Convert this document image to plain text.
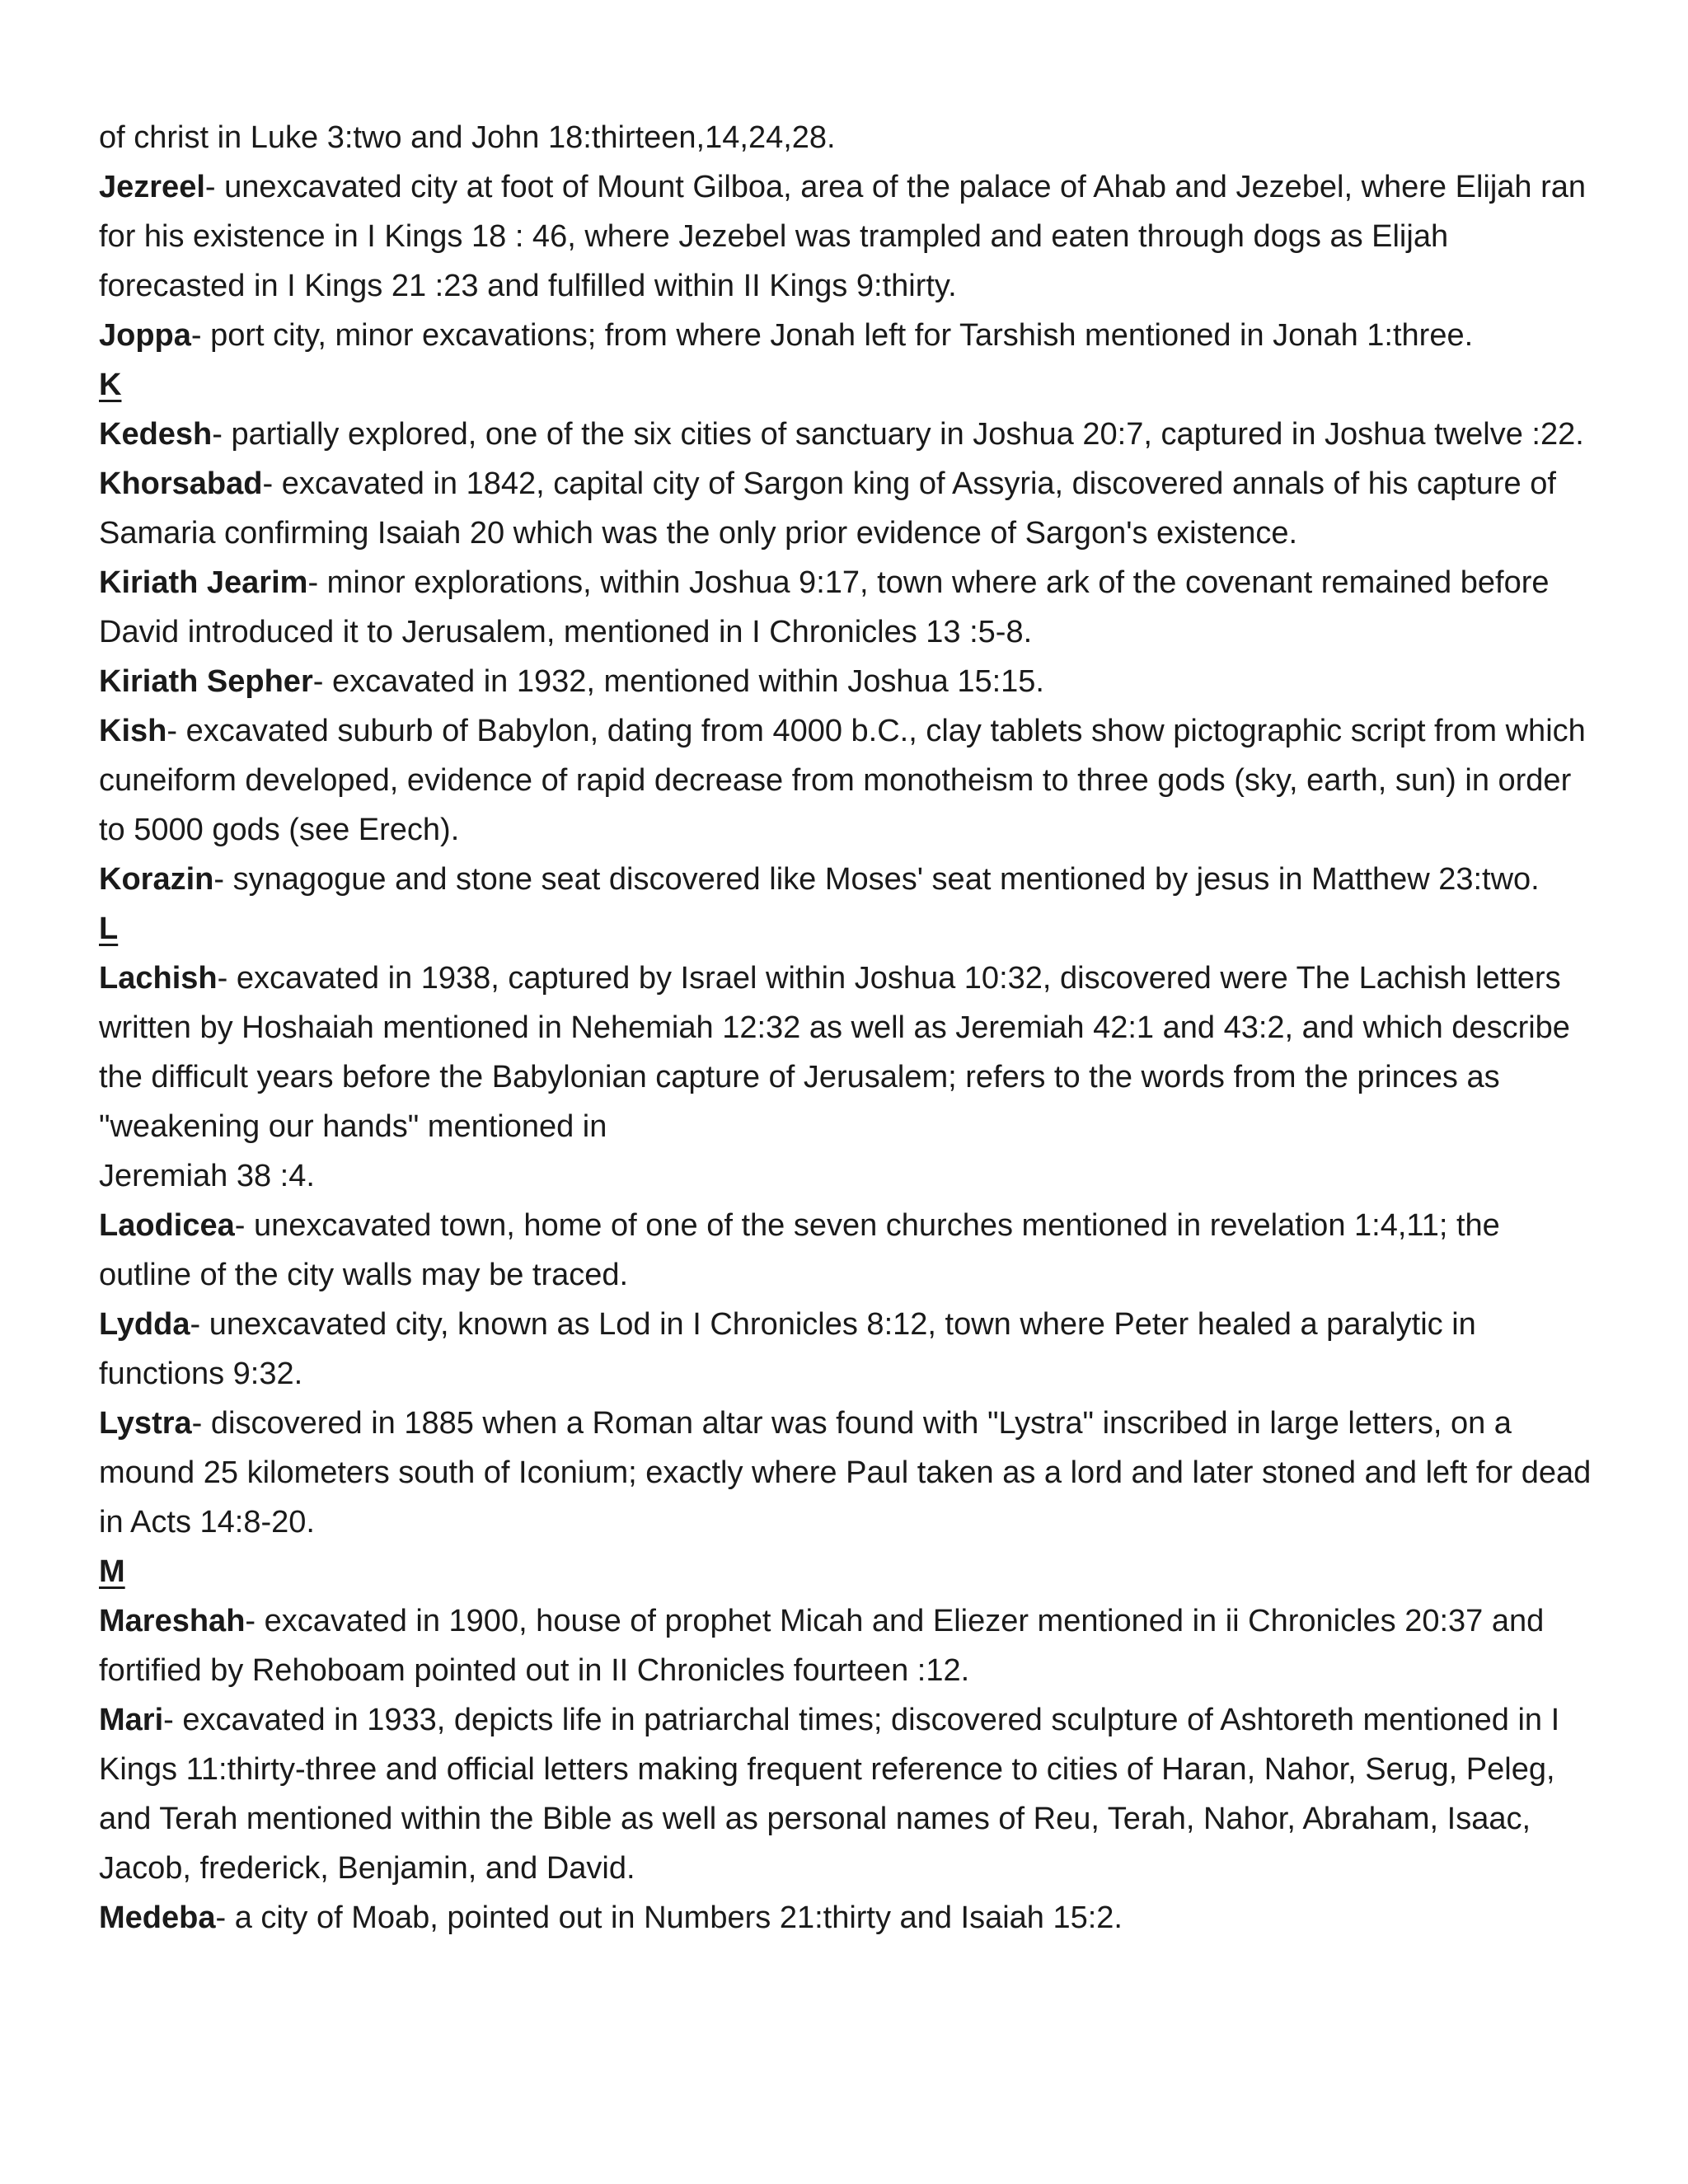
of christ in Luke 3:two and John 18:thirteen,14,24,28.

Jezreel- unexcavated city at foot of Mount Gilboa, area of the palace of Ahab and Jezebel, where Elijah ran for his existence in I Kings 18 : 46, where Jezebel was trampled and eaten through dogs as Elijah forecasted in I Kings 21 :23 and fulfilled within II Kings 9:thirty.

Joppa- port city, minor excavations; from where Jonah left for Tarshish mentioned in Jonah 1:three.

K

Kedesh- partially explored, one of the six cities of sanctuary in Joshua 20:7, captured in Joshua twelve :22.

Khorsabad- excavated in 1842, capital city of Sargon king of Assyria, discovered annals of his capture of Samaria confirming Isaiah 20 which was the only prior evidence of Sargon's existence.

Kiriath Jearim- minor explorations, within Joshua 9:17, town where ark of the covenant remained before David introduced it to Jerusalem, mentioned in I Chronicles 13 :5-8.

Kiriath Sepher- excavated in 1932, mentioned within Joshua 15:15.

Kish- excavated suburb of Babylon, dating from 4000 b.C., clay tablets show pictographic script from which cuneiform developed, evidence of rapid decrease from monotheism to three gods (sky, earth, sun) in order to 5000 gods (see Erech).

Korazin- synagogue and stone seat discovered like Moses' seat mentioned by jesus in Matthew 23:two.

L

Lachish- excavated in 1938, captured by Israel within Joshua 10:32, discovered were The Lachish letters written by Hoshaiah mentioned in Nehemiah 12:32 as well as Jeremiah 42:1 and 43:2, and which describe the difficult years before the Babylonian capture of Jerusalem; refers to the words from the princes as "weakening our hands" mentioned in

Jeremiah 38 :4.

Laodicea- unexcavated town, home of one of the seven churches mentioned in revelation 1:4,11; the outline of the city walls may be traced.

Lydda- unexcavated city, known as Lod in I Chronicles 8:12, town where Peter healed a paralytic in functions 9:32.

Lystra- discovered in 1885 when a Roman altar was found with "Lystra" inscribed in large letters, on a mound 25 kilometers south of Iconium; exactly where Paul taken as a lord and later stoned and left for dead in Acts 14:8-20.

M

Mareshah- excavated in 1900, house of prophet Micah and Eliezer mentioned in ii Chronicles 20:37 and fortified by Rehoboam pointed out in II Chronicles fourteen :12.

Mari- excavated in 1933, depicts life in patriarchal times; discovered sculpture of Ashtoreth mentioned in I Kings 11:thirty-three and official letters making frequent reference to cities of Haran, Nahor, Serug, Peleg, and Terah mentioned within the Bible as well as personal names of Reu, Terah, Nahor, Abraham, Isaac, Jacob, frederick, Benjamin, and David.

Medeba- a city of Moab, pointed out in Numbers 21:thirty and Isaiah 15:2.
